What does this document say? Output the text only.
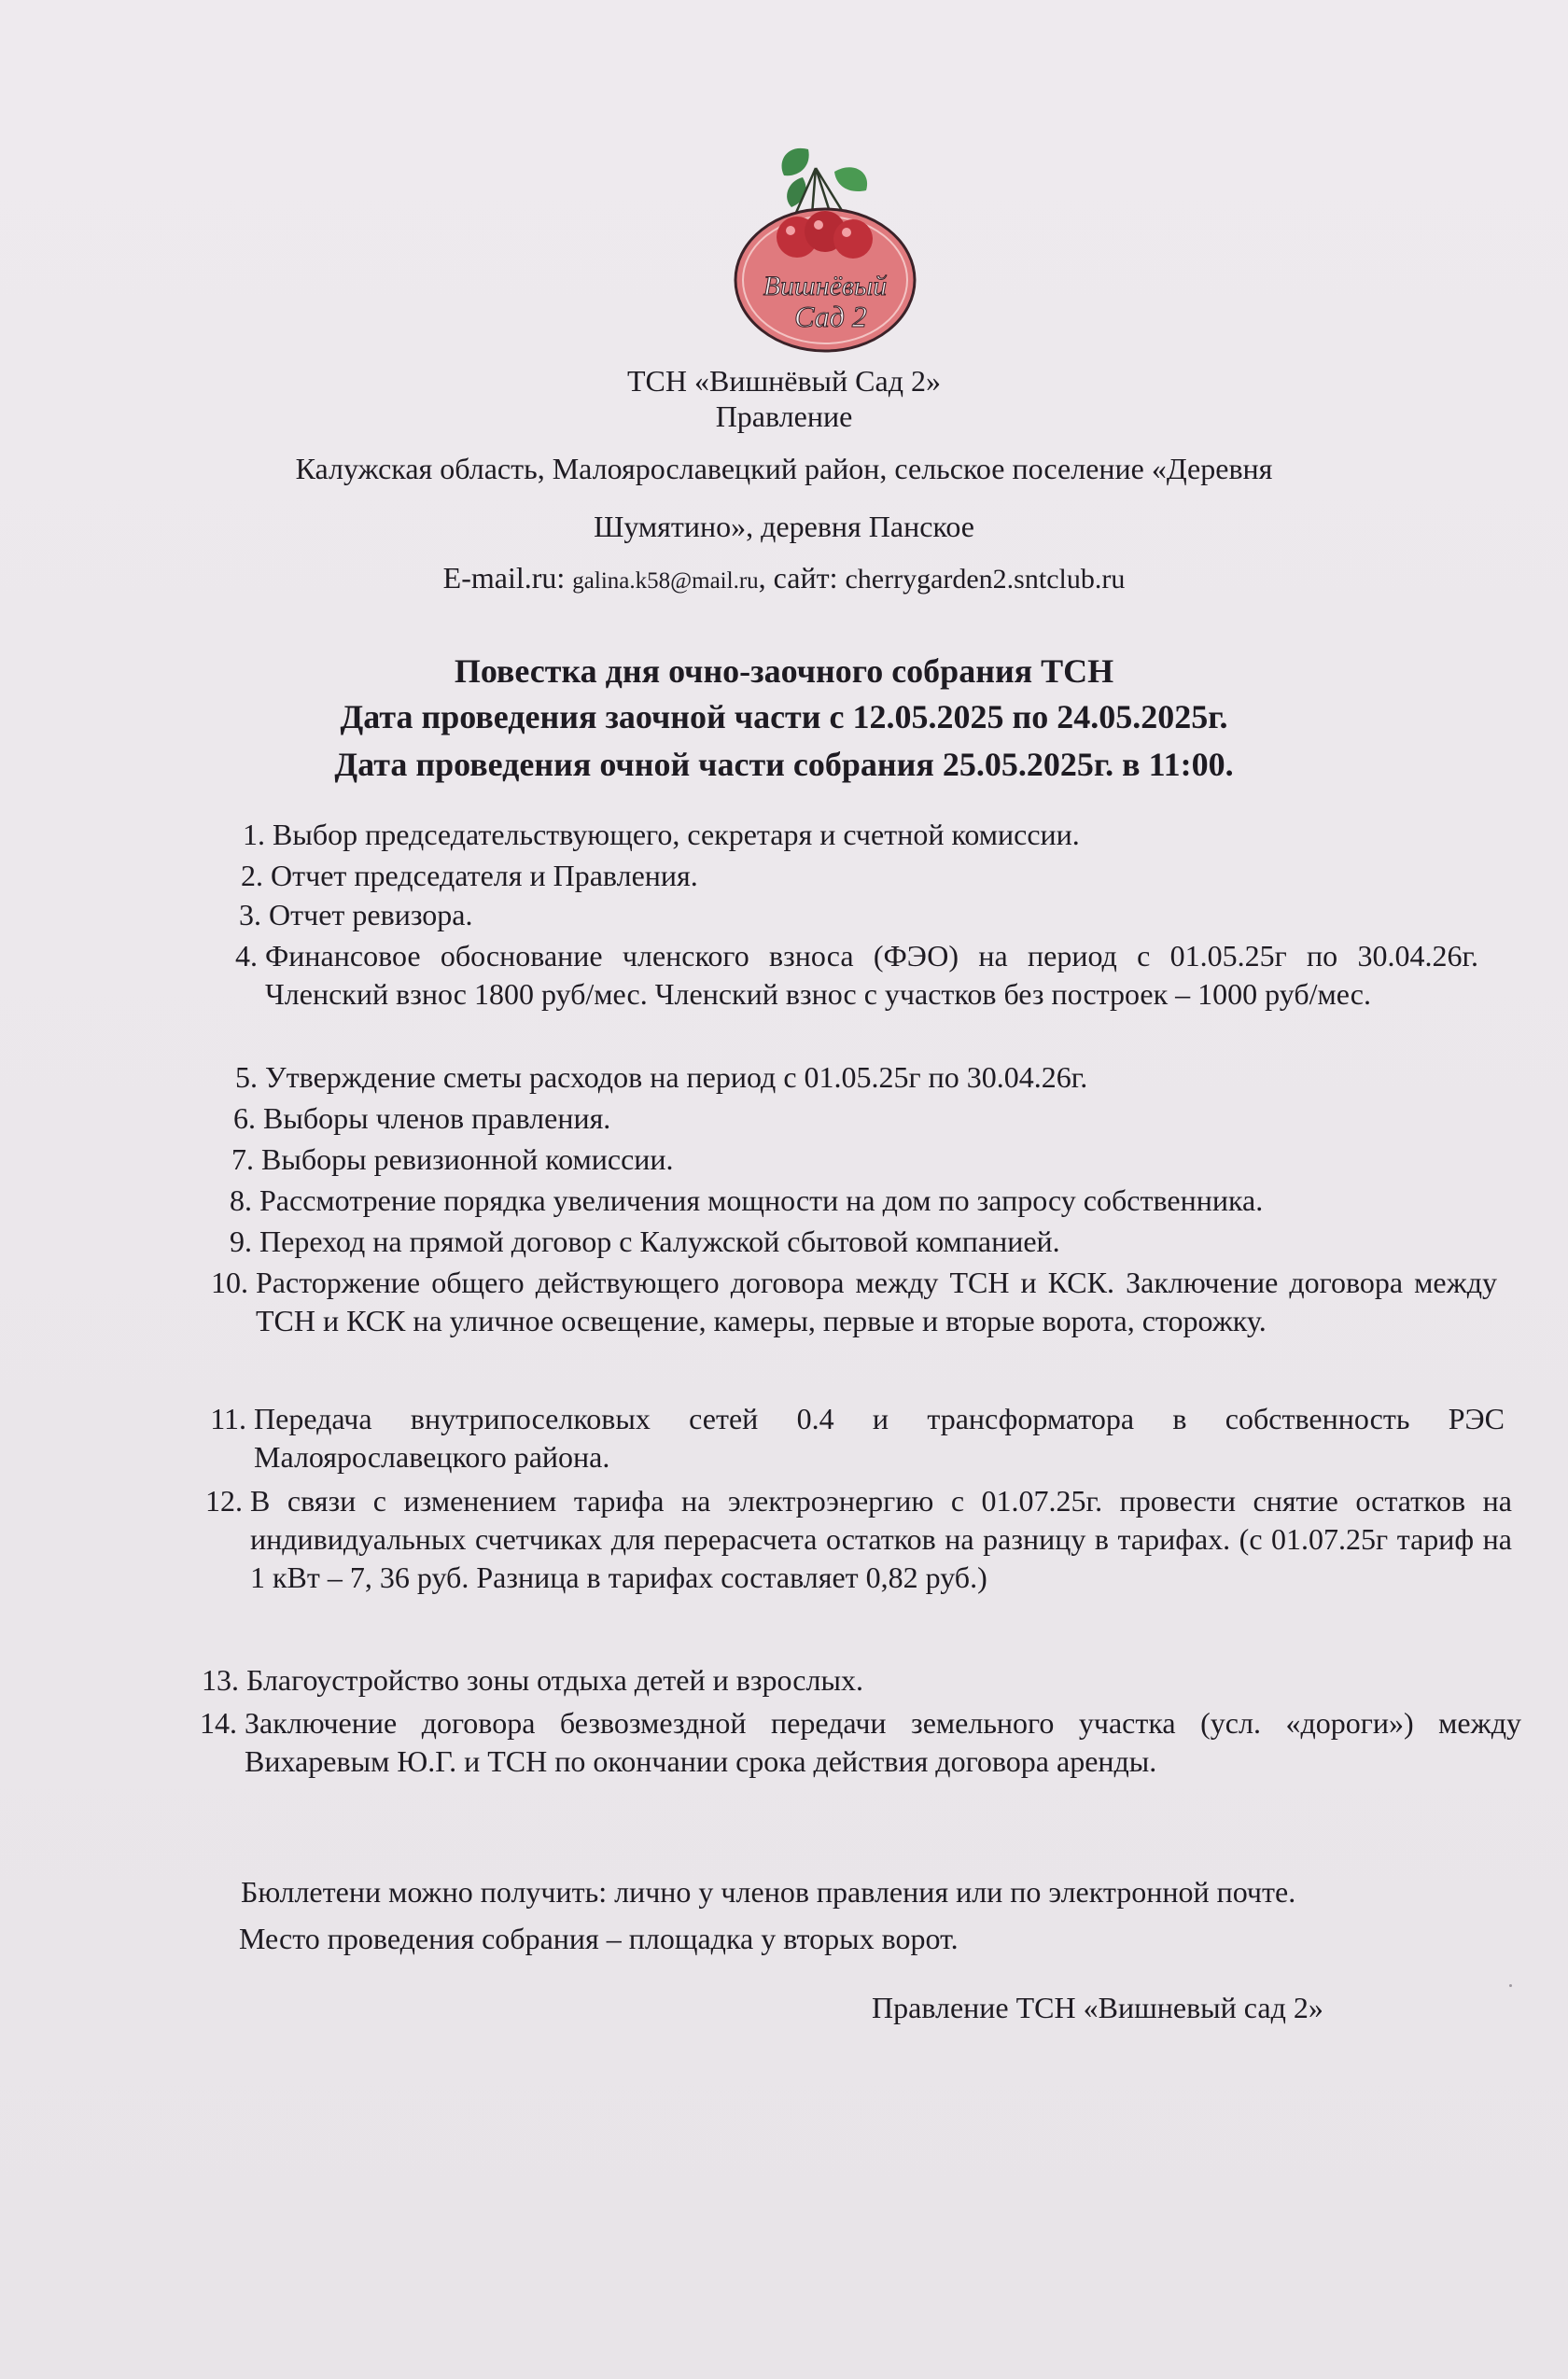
Вишнёвый
Сад 2
ТСН «Вишнёвый Сад 2»
Правление
Калужская область, Малоярославецкий район, сельское поселение «Деревня
Шумятино», деревня Панское
E-mail.ru: galina.k58@mail.ru, сайт: cherrygarden2.sntclub.ru
Повестка дня очно-заочного собрания ТСН
Дата проведения заочной части с 12.05.2025 по 24.05.2025г.
Дата проведения очной части собрания 25.05.2025г. в 11:00.
1. Выбор председательствующего, секретаря и счетной комиссии.
2. Отчет председателя и Правления.
3. Отчет ревизора.
4. Финансовое обоснование членского взноса (ФЭО) на период с 01.05.25г по 30.04.26г. Членский взнос 1800 руб/мес. Членский взнос с участков без построек – 1000 руб/мес.
5. Утверждение сметы расходов на период с 01.05.25г по 30.04.26г.
6. Выборы членов правления.
7. Выборы ревизионной комиссии.
8. Рассмотрение порядка увеличения мощности на дом по запросу собственника.
9. Переход на прямой договор с Калужской сбытовой компанией.
10. Расторжение общего действующего договора между ТСН и КСК. Заключение договора между ТСН и КСК на уличное освещение, камеры, первые и вторые ворота, сторожку.
11. Передача внутрипоселковых сетей 0.4 и трансформатора в собственность РЭС Малоярославецкого района.
12. В связи с изменением тарифа на электроэнергию с 01.07.25г. провести снятие остатков на индивидуальных счетчиках для перерасчета остатков на разницу в тарифах. (с 01.07.25г тариф на 1 кВт – 7, 36 руб. Разница в тарифах составляет 0,82 руб.)
13. Благоустройство зоны отдыха детей и взрослых.
14. Заключение договора безвозмездной передачи земельного участка (усл. «дороги») между Вихаревым Ю.Г. и ТСН по окончании срока действия договора аренды.
Бюллетени можно получить: лично у членов правления или по электронной почте.
Место проведения собрания – площадка у вторых ворот.
Правление ТСН «Вишневый сад 2»
